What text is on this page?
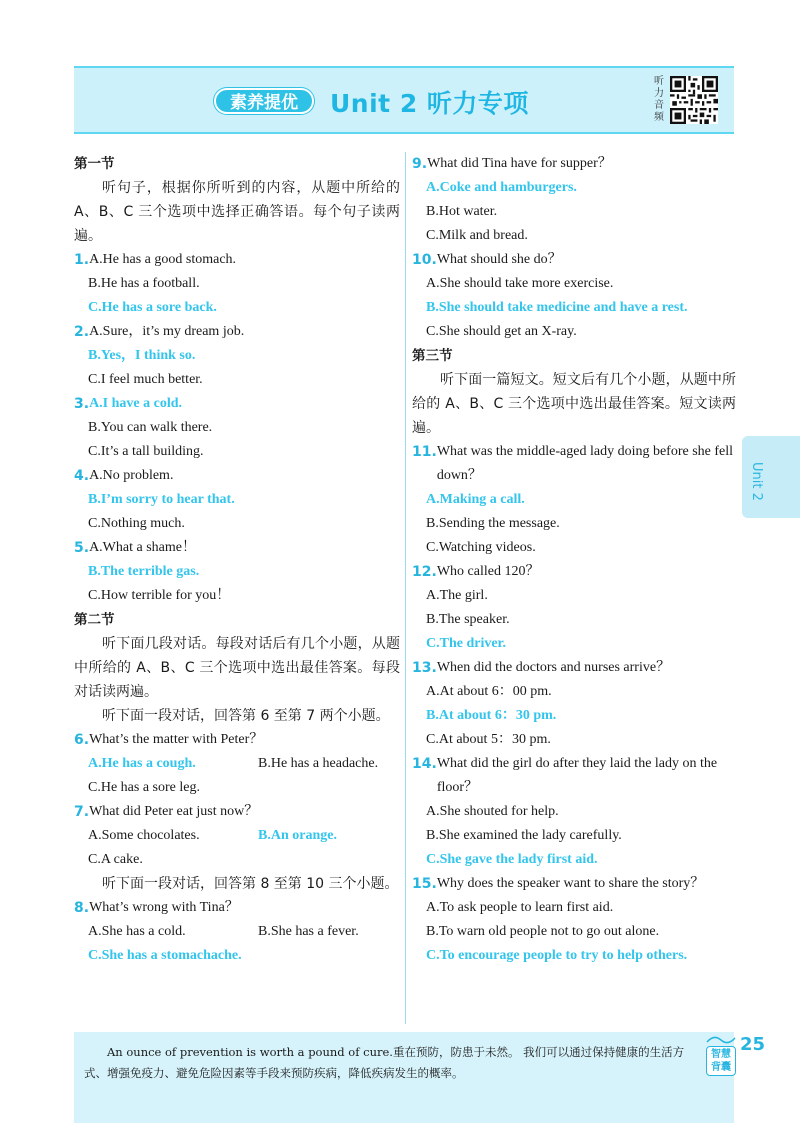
素养提优	Unit 2 听力专项
听力音频
第一节
听句子，根据你所听到的内容，从题中所给的 A、B、C 三个选项中选择正确答语。每个句子读两遍。
1. A.He has a good stomach.
B.He has a football.
C.He has a sore back.
2. A.Sure，it’s my dream job.
B.Yes，I think so.
C.I feel much better.
3. A.I have a cold.
B.You can walk there.
C.It’s a tall building.
4. A.No problem.
B.I’m sorry to hear that.
C.Nothing much.
5. A.What a shame！
B.The terrible gas.
C.How terrible for you！
第二节
听下面几段对话。每段对话后有几个小题，从题中所给的 A、B、C 三个选项中选出最佳答案。每段对话读两遍。
听下面一段对话，回答第 6 至第 7 两个小题。
6. What’s the matter with Peter？
A.He has a cough.	B.He has a headache.
C.He has a sore leg.
7. What did Peter eat just now？
A.Some chocolates.	B.An orange.
C.A cake.
听下面一段对话，回答第 8 至第 10 三个小题。
8. What’s wrong with Tina？
A.She has a cold.	B.She has a fever.
C.She has a stomachache.
9. What did Tina have for supper？
A.Coke and hamburgers.
B.Hot water.
C.Milk and bread.
10. What should she do？
A.She should take more exercise.
B.She should take medicine and have a rest.
C.She should get an X-ray.
第三节
听下面一篇短文。短文后有几个小题，从题中所给的 A、B、C 三个选项中选出最佳答案。短文读两遍。
11. What was the middle-aged lady doing before she fell down？
A.Making a call.
B.Sending the message.
C.Watching videos.
12. Who called 120？
A.The girl.
B.The speaker.
C.The driver.
13. When did the doctors and nurses arrive？
A.At about 6：00 pm.
B.At about 6：30 pm.
C.At about 5：30 pm.
14. What did the girl do after they laid the lady on the floor？
A.She shouted for help.
B.She examined the lady carefully.
C.She gave the lady first aid.
15. Why does the speaker want to share the story？
A.To ask people to learn first aid.
B.To warn old people not to go out alone.
C.To encourage people to try to help others.
Unit 2
An ounce of prevention is worth a pound of cure.重在预防，防患于未然。 我们可以通过保持健康的生活方式、增强免疫力、避免危险因素等手段来预防疾病，降低疾病发生的概率。
智慧背囊
25
